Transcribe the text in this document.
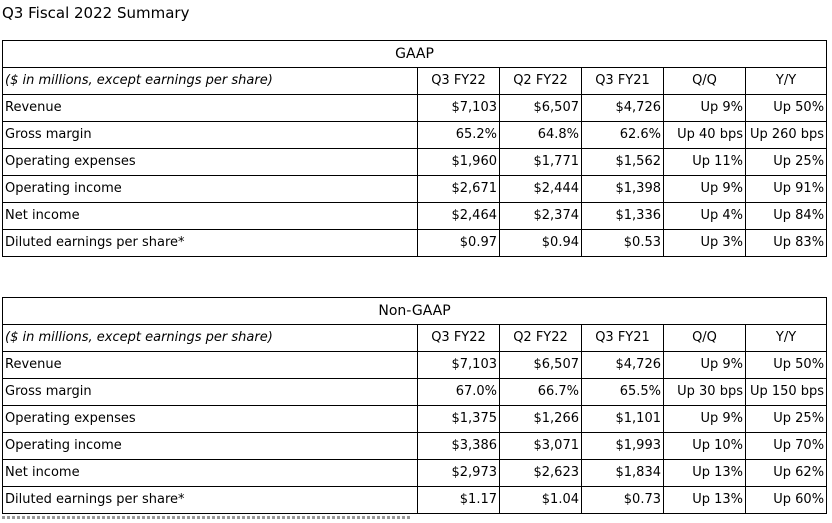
Q3 Fiscal 2022 Summary
GAAP					
($ in millions, except earnings per share)	Q3 FY22	Q2 FY22	Q3 FY21	Q/Q	Y/Y
Revenue	$7,103	$6,507	$4,726	Up 9%	Up 50%
Gross margin	65.2%	64.8%	62.6%	Up 40 bps	Up 260 bps
Operating expenses	$1,960	$1,771	$1,562	Up 11%	Up 25%
Operating income	$2,671	$2,444	$1,398	Up 9%	Up 91%
Net income	$2,464	$2,374	$1,336	Up 4%	Up 84%
Diluted earnings per share*	$0.97	$0.94	$0.53	Up 3%	Up 83%
Non-GAAP					
($ in millions, except earnings per share)	Q3 FY22	Q2 FY22	Q3 FY21	Q/Q	Y/Y
Revenue	$7,103	$6,507	$4,726	Up 9%	Up 50%
Gross margin	67.0%	66.7%	65.5%	Up 30 bps	Up 150 bps
Operating expenses	$1,375	$1,266	$1,101	Up 9%	Up 25%
Operating income	$3,386	$3,071	$1,993	Up 10%	Up 70%
Net income	$2,973	$2,623	$1,834	Up 13%	Up 62%
Diluted earnings per share*	$1.17	$1.04	$0.73	Up 13%	Up 60%
